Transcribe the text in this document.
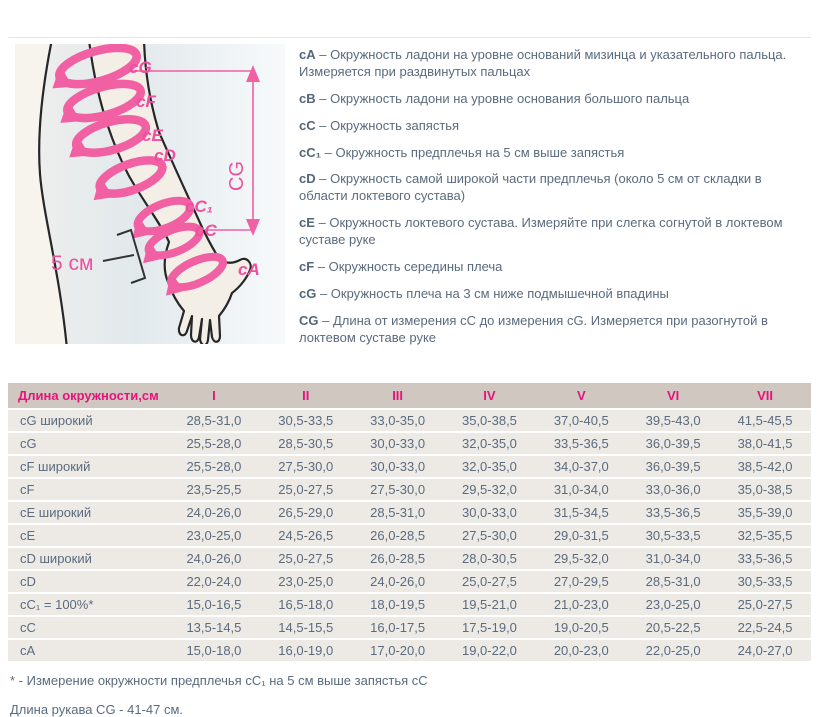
CG
5 см
cG
cF
cE
cD
cC₁
cC
cA

cA – Окружность ладони на уровне оснований мизинца и указательного пальца. Измеряется при раздвинутых пальцах

cB – Окружность ладони на уровне основания большого пальца

cC – Окружность запястья

cC₁ – Окружность предплечья на 5 см выше запястья

cD – Окружность самой широкой части предплечья (около 5 см от складки в области локтевого сустава)

cE – Окружность локтевого сустава. Измеряйте при слегка согнутой в локтевом суставе руке

cF – Окружность середины плеча

cG – Окружность плеча на 3 см ниже подмышечной впадины

CG – Длина от измерения cC до измерения cG. Измеряется при разогнутой в локтевом суставе руке

Длина окружности,см	I	II	III	IV	V	VI	VII
cG широкий	28,5-31,0	30,5-33,5	33,0-35,0	35,0-38,5	37,0-40,5	39,5-43,0	41,5-45,5
cG	25,5-28,0	28,5-30,5	30,0-33,0	32,0-35,0	33,5-36,5	36,0-39,5	38,0-41,5
cF широкий	25,5-28,0	27,5-30,0	30,0-33,0	32,0-35,0	34,0-37,0	36,0-39,5	38,5-42,0
cF	23,5-25,5	25,0-27,5	27,5-30,0	29,5-32,0	31,0-34,0	33,0-36,0	35,0-38,5
cE широкий	24,0-26,0	26,5-29,0	28,5-31,0	30,0-33,0	31,5-34,5	33,5-36,5	35,5-39,0
cE	23,0-25,0	24,5-26,5	26,0-28,5	27,5-30,0	29,0-31,5	30,5-33,5	32,5-35,5
cD широкий	24,0-26,0	25,0-27,5	26,0-28,5	28,0-30,5	29,5-32,0	31,0-34,0	33,5-36,5
cD	22,0-24,0	23,0-25,0	24,0-26,0	25,0-27,5	27,0-29,5	28,5-31,0	30,5-33,5
cC₁ = 100%*	15,0-16,5	16,5-18,0	18,0-19,5	19,5-21,0	21,0-23,0	23,0-25,0	25,0-27,5
cC	13,5-14,5	14,5-15,5	16,0-17,5	17,5-19,0	19,0-20,5	20,5-22,5	22,5-24,5
cA	15,0-18,0	16,0-19,0	17,0-20,0	19,0-22,0	20,0-23,0	22,0-25,0	24,0-27,0

* - Измерение окружности предплечья cC₁ на 5 см выше запястья cC

Длина рукава CG - 41-47 см.
